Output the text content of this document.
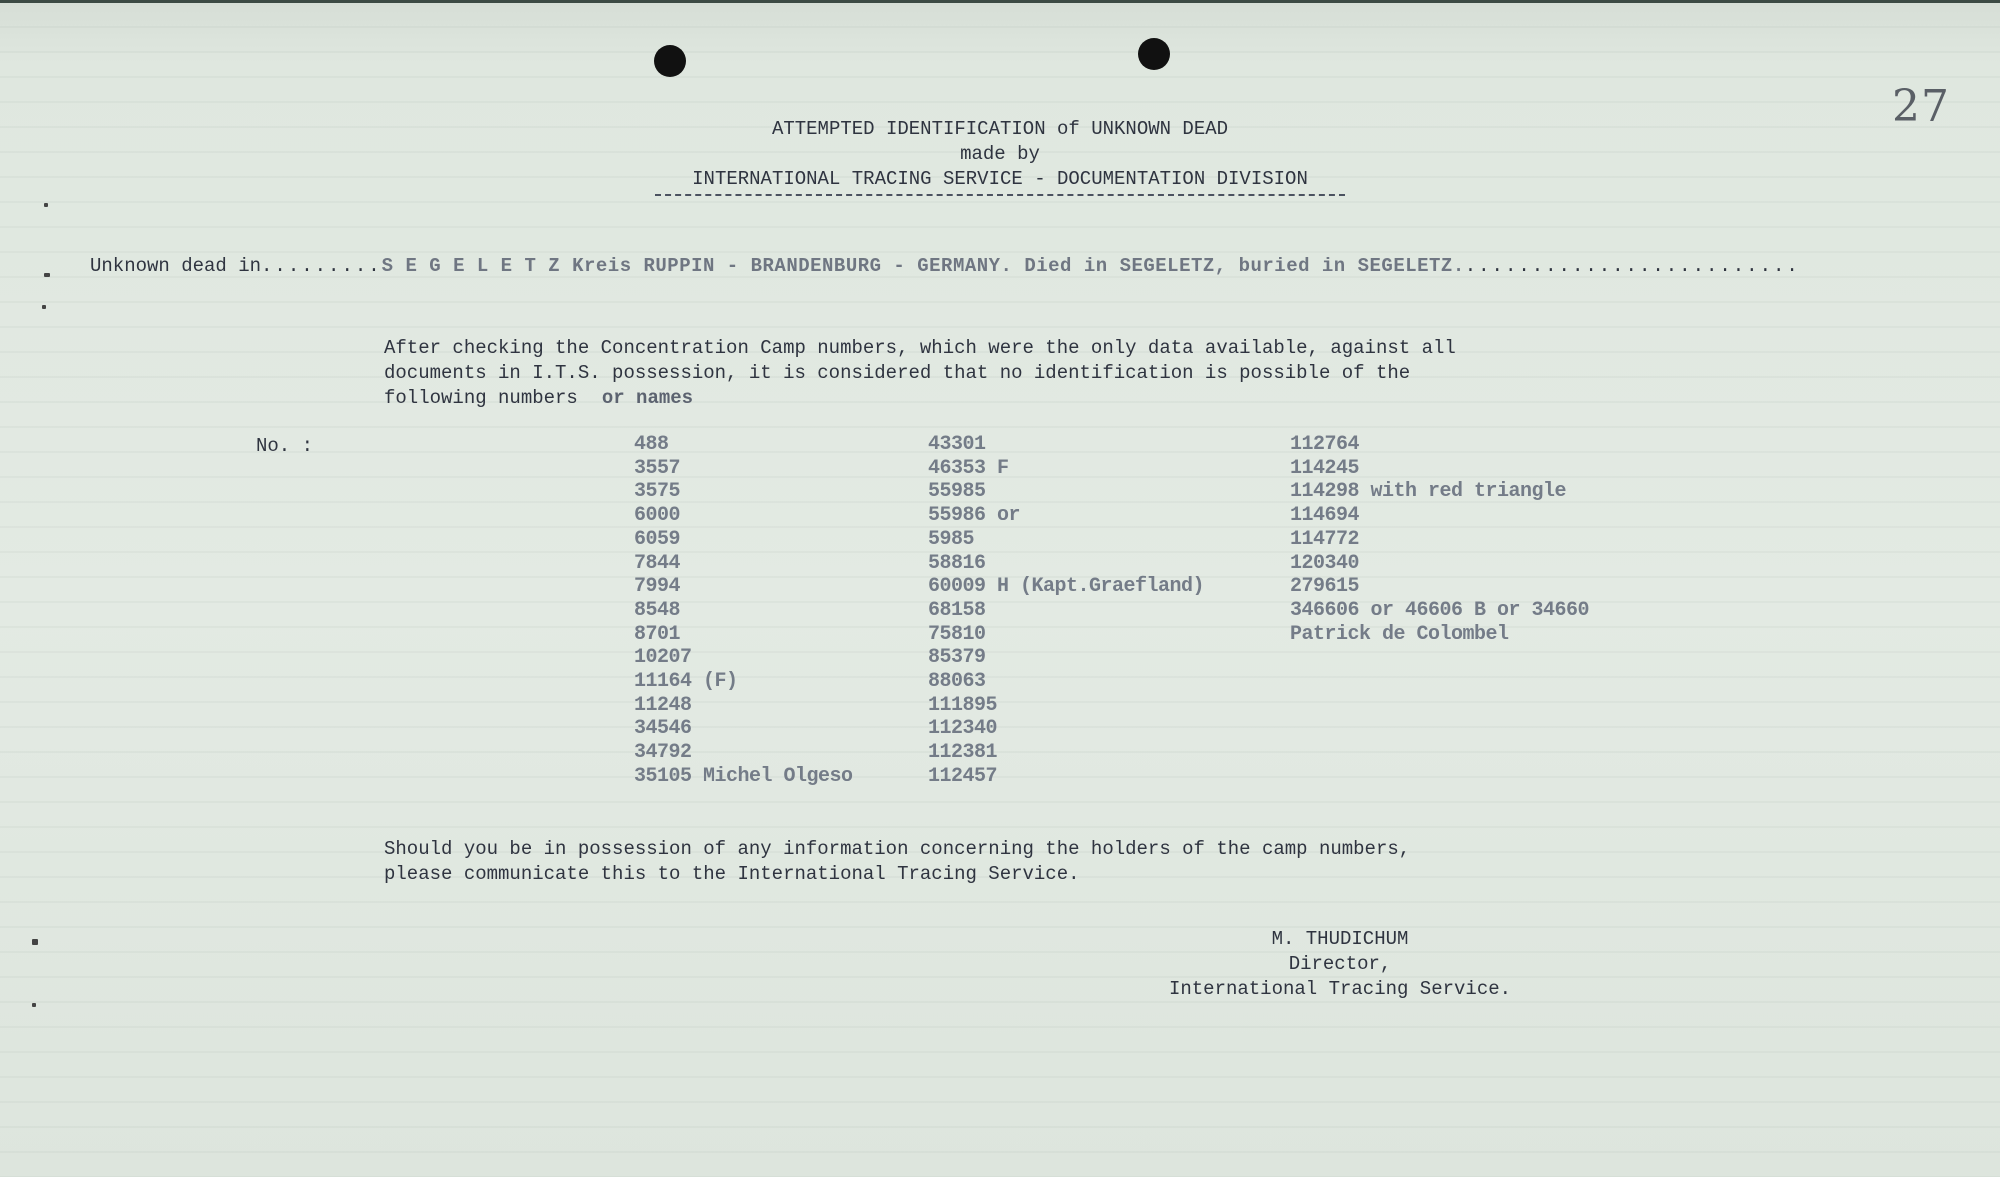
27
ATTEMPTED IDENTIFICATION of UNKNOWN DEAD
made by
INTERNATIONAL TRACING SERVICE - DOCUMENTATION DIVISION
Unknown dead in.........S E G E L E T Z Kreis RUPPIN - BRANDENBURG - GERMANY. Died in SEGELETZ, buried in SEGELETZ..........................
After checking the Concentration Camp numbers, which were the only data available, against all
documents in I.T.S. possession, it is considered that no identification is possible of the
following numbers or names
No. :	488
3557
3575
6000
6059
7844
7994
8548
8701
10207
11164 (F)
11248
34546
34792
35105 Michel Olgeso
43301
46353 F
55985
55986 or
5985
58816
60009 H (Kapt.Graefland)
68158
75810
85379
88063
111895
112340
112381
112457
112764
114245
114298 with red triangle
114694
114772
120340
279615
346606 or 46606 B or 34660
Patrick de Colombel
Should you be in possession of any information concerning the holders of the camp numbers,
please communicate this to the International Tracing Service.
M. THUDICHUM
Director,
International Tracing Service.
